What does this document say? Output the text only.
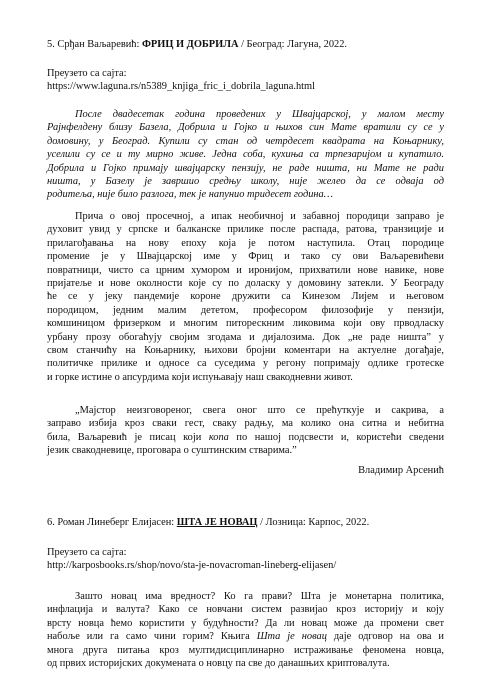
5. Срђан Ваљаревић: ФРИЦ И ДОБРИЛА / Београд: Лагуна, 2022.

Преузето са сајта:

https://www.laguna.rs/n5389_knjiga_fric_i_dobrila_laguna.html

После двадесетак година проведених у Швајцарској, у малом месту

Рајнфелдену близу Базела, Добрила и Гојко и њихов син Мате вратили су се у

домовину, у Београд. Купили су стан од четрдесет квадрата на Коњарнику,

уселили су се и ту мирно живе. Једна соба, кухиња са трпезаријом и купатило.

Добрила и Гојко примају швајцарску пензију, не раде ништа, ни Мате не ради

ништа, у Базелу је завршио средњу школу, није желео да се одваја од

родитеља, није било разлога, тек је напунио тридесет година…

Прича о овој просечној, а ипак необичној и забавној породици заправо је

духовит увид у српске и балканске прилике после распада, ратова, транзиције и

прилагођавања на нову епоху која је потом наступила. Отац породице

промение је у Швајцарској име у Фриц и тако су ови Ваљаревићеви

повратници, чисто са црним хумором и иронијом, прихватили нове навике, нове

пријатеље и нове околности које су по доласку у домовину затекли. У Београду

ће се у јеку пандемије короне дружити са Кинезом Лијем и његовом

породицом, једним малим дететом, професором филозофије у пензији,

комшиницом фризерком и многим питорескним ликовима који ову прводласку

урбану прозу обогаћују својим згодама и дијалозима. Док „не раде ништа” у

свом станчићу на Коњарнику, њихови бројни коментари на актуелне догађаје,

политичке прилике и односе са суседима у регону попримају одлике гротеске

и горке истине о апсурдима који испуњавају наш свакодневни живот.

„Мајстор неизговореног, свега оног што се прећуткује и сакрива, а

заправо избија кроз сваки гест, сваку радњу, ма колико она ситна и небитна

била, Ваљаревић је писац који копа по нашој подсвести и, користећи сведени

језик свакодневице, проговара о суштинским стварима.”

Владимир Арсенић

6. Роман Линеберг Елијасен: ШТА ЈЕ НОВАЦ / Лозница: Карпос, 2022.

Преузето са сајта:

http://karposbooks.rs/shop/novo/sta-je-novacroman-lineberg-elijasen/

Зашто новац има вредност? Ко га прави? Шта је монетарна политика,

инфлација и валута? Како се новчани систем развијао кроз историју и коју

врсту новца ћемо користити у будућности? Да ли новац може да промени свет

набоље или га само чини горим? Књига Шта је новац даје одговор на ова и

многа друга питања кроз мултидисциплинарно истраживање феномена новца,

од првих историјских докумената о новцу па све до данашњих криптовалута.
